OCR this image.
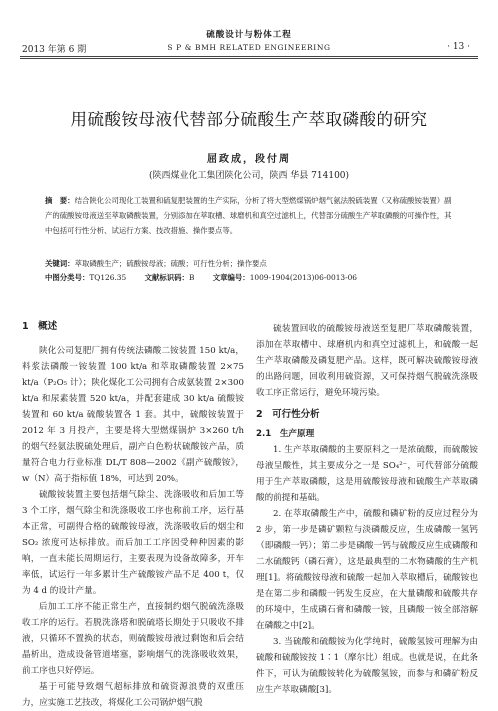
硫酸设计与粉体工程
2013 年第 6 期	S P & BMH RELATED ENGINEERING	· 13 ·
用硫酸铵母液代替部分硫酸生产萃取磷酸的研究
屈政成，段付周
(陕西煤业化工集团陕化公司，陕西 华县 714100)
摘　要：结合陕化公司现化工装置和硫复肥装置的生产实际，分析了将大型燃煤锅炉烟气氨法脱硫装置（又称硫酸铵装置）副产的硫酸铵母液送至萃取磷酸装置，分别添加在萃取槽、球磨机和真空过滤机上，代替部分硫酸生产萃取磷酸的可操作性，其中包括可行性分析、试运行方案、技改措施、操作要点等。
关键词：萃取磷酸生产；硫酸铵母液；硫酸；可行性分析；操作要点
中图分类号：TQ126.35 文献标识码：B 文章编号：1009-1904(2013)06-0013-06
1　概述

陕化公司复肥厂拥有传统法磷酸二铵装置 150 kt/a，料浆法磷酸一铵装置 100 kt/a 和萃取磷酸装置 2×75 kt/a（P₂O₅ 计）；陕化煤化工公司拥有合成氨装置 2×300 kt/a 和尿素装置 520 kt/a，并配套建成 30 kt/a 硫酸铵装置和 60 kt/a 硫酸装置各 1 套。其中，硫酸铵装置于 2012 年 3 月投产，主要是将大型燃煤锅炉 3×260 t/h 的烟气经氨法脱硫处理后，副产白色粉状硫酸铵产品，质量符合电力行业标准 DL/T 808—2002《副产硫酸铵》，w（N）高于指标值 18%，可达到 20%。

硫酸铵装置主要包括烟气除尘、洗涤吸收和后加工等 3 个工序，烟气除尘和洗涤吸收工序也称前工序，运行基本正常，可副得合格的硫酸铵母液，洗涤吸收后的烟尘和 SO₂ 浓度可达标排放。而后加工工序因受种种因素的影响，一直未能长周期运行，主要表现为设备故障多，开车率低，试运行一年多累计生产硫酸铵产品不足 400 t，仅为 4 d 的设计产量。

后加工工序不能正常生产，直接制约烟气脱硫洗涤吸收工序的运行。若脱洗涤塔和脱硫塔长期处于只吸收不排液，只循环不置换的状态，则硫酸铵母液过剩饱和后会结晶析出，造成设备管道堵塞，影响烟气的洗涤吸收效果，前工序也只好停运。

基于可能导致烟气超标排放和硫资源浪费的双重压力，应实施工艺技改，将煤化工公司锅炉烟气脱

硫装置回收的硫酸铵母液送至复肥厂萃取磷酸装置，添加在萃取槽中、球磨机内和真空过滤机上，和硫酸一起生产萃取磷酸及磷复肥产品。这样，既可解决硫酸铵母液的出路问题，回收利用硫资源，又可保持烟气脱硫洗涤吸收工序正常运行，避免环境污染。

2　可行性分析
2.1　生产原理

1. 生产萃取磷酸的主要原料之一是浓硫酸，而硫酸铵母液呈酸性，其主要成分之一是 SO₄²⁻，可代替部分硫酸用于生产萃取磷酸，这是用硫酸铵母液和硫酸生产萃取磷酸的前提和基础。

2. 在萃取磷酸生产中，硫酸和磷矿粉的反应过程分为 2 步，第一步是磷矿颗粒与淡磷酸反应，生成磷酸一氢钙（即磷酸一钙）；第二步是磷酸一钙与硫酸反应生成磷酸和二水硫酸钙（磷石膏），这是最典型的二水物磷酸的生产机理[1]。将硫酸铵母液和硫酸一起加入萃取槽后，硫酸铵也是在第二步和磷酸一钙发生反应，在大量磷酸和硫酸共存的环境中，生成磷石膏和磷酸一铵，且磷酸一铵全部溶解在磷酸之中[2]。

3. 当硫酸和硫酸铵为化学纯时，硫酸氢铵可理解为由硫酸和硫酸铵按 1∶1（摩尔比）组成。也就是说，在此条件下，可认为硫酸铵转化为硫酸氢铵，而参与和磷矿粉反应生产萃取磷酸[3]。
